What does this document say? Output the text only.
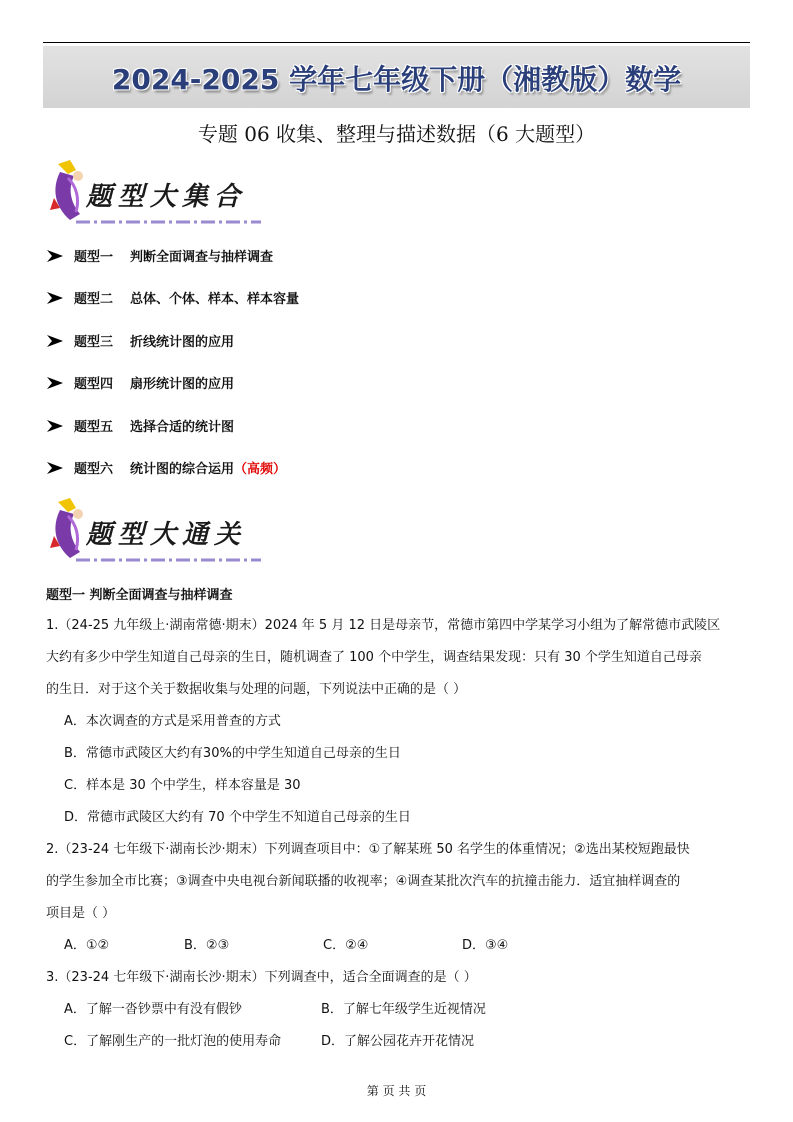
2024-2025 学年七年级下册（湘教版）数学
专题 06 收集、整理与描述数据（6 大题型）
题型大集合
题型一	判断全面调查与抽样调查
题型二	总体、个体、样本、样本容量
题型三	折线统计图的应用
题型四	扇形统计图的应用
题型五	选择合适的统计图
题型六	统计图的综合运用 （高频）
题型大通关
题型一 判断全面调查与抽样调查

1.（24-25 九年级上·湖南常德·期末）2024 年 5 月 12 日是母亲节，常德市第四中学某学习小组为了解常德市武陵区

大约有多少中学生知道自己母亲的生日，随机调查了 100 个中学生，调查结果发现：只有 30 个学生知道自己母亲

的生日．对于这个关于数据收集与处理的问题，下列说法中正确的是（ ）

A．本次调查的方式是采用普查的方式

B．常德市武陵区大约有30%的中学生知道自己母亲的生日

C．样本是 30 个中学生，样本容量是 30

D．常德市武陵区大约有 70 个中学生不知道自己母亲的生日

2.（23-24 七年级下·湖南长沙·期末）下列调查项目中：①了解某班 50 名学生的体重情况；②选出某校短跑最快

的学生参加全市比赛；③调查中央电视台新闻联播的收视率；④调查某批次汽车的抗撞击能力．适宜抽样调查的

项目是（ ）

A．①②	B．②③	C．②④	D．③④

3.（23-24 七年级下·湖南长沙·期末）下列调查中，适合全面调查的是（ ）

A．了解一沓钞票中有没有假钞	B．了解七年级学生近视情况
C．了解刚生产的一批灯泡的使用寿命	D．了解公园花卉开花情况
第 页 共 页
